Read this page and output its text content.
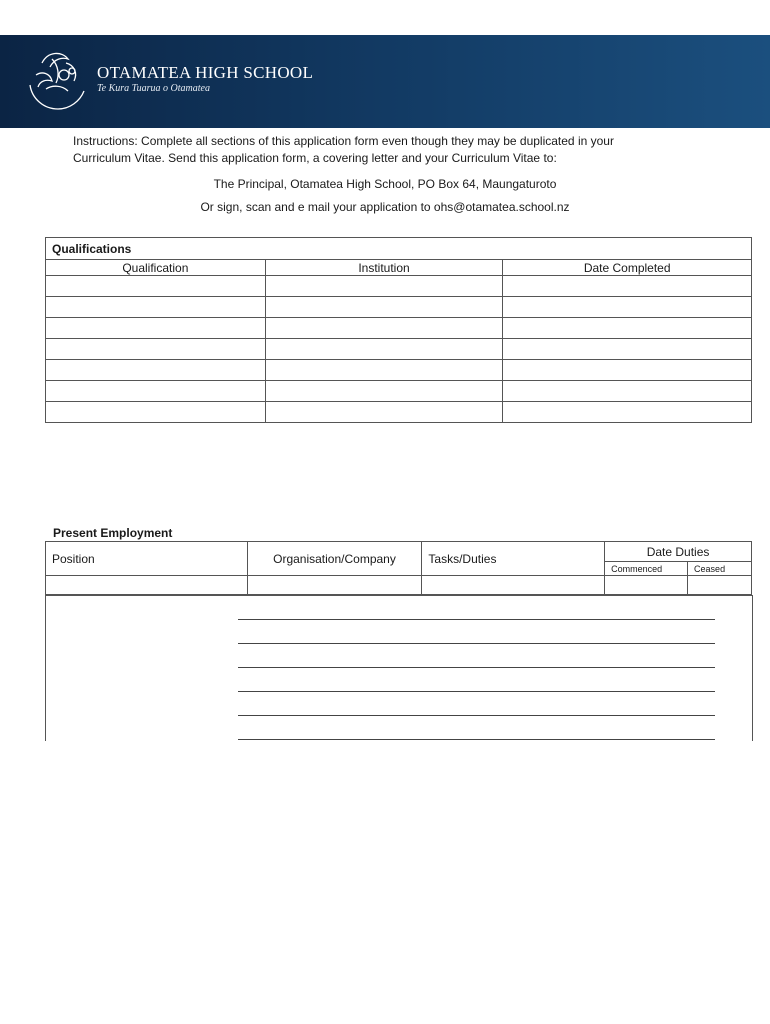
OTAMATEA HIGH SCHOOL
Te Kura Tuarua o Otamatea
Instructions: Complete all sections of this application form even though they may be duplicated in your
Curriculum Vitae. Send this application form, a covering letter and your Curriculum Vitae to:
The Principal, Otamatea High School, PO Box 64, Maungaturoto
Or sign, scan and e mail your application to ohs@otamatea.school.nz
Qualifications		
Qualification	Institution	Date Completed

Present Employment
Position	Organisation/Company	Tasks/Duties	Date Duties	
			Commenced	Ceased
